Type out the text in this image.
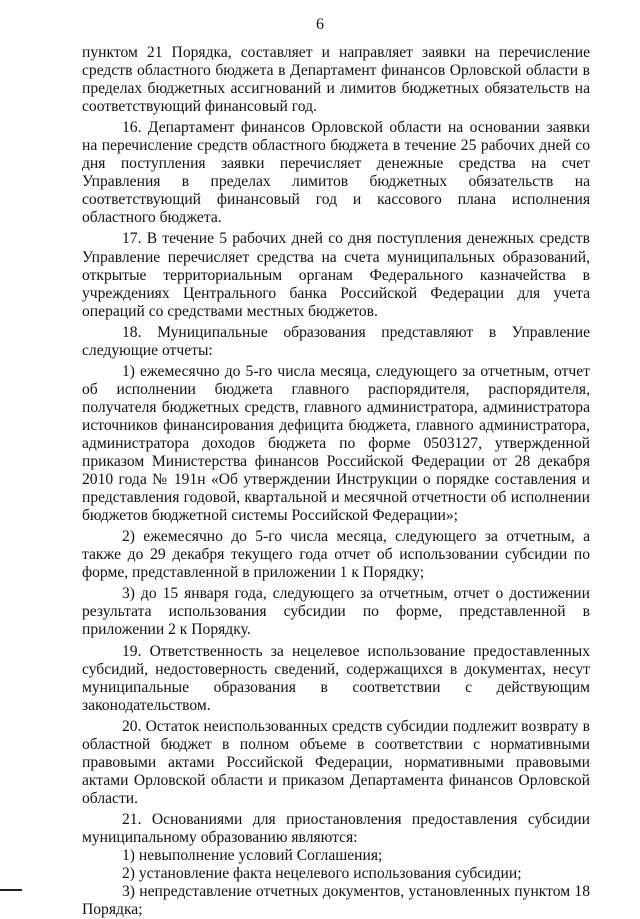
6

пунктом 21 Порядка, составляет и направляет заявки на перечисление средств областного бюджета в Департамент финансов Орловской области в пределах бюджетных ассигнований и лимитов бюджетных обязательств на соответствующий финансовый год.

16. Департамент финансов Орловской области на основании заявки на перечисление средств областного бюджета в течение 25 рабочих дней со дня поступления заявки перечисляет денежные средства на счет Управления в пределах лимитов бюджетных обязательств на соответствующий финансовый год и кассового плана исполнения областного бюджета.

17. В течение 5 рабочих дней со дня поступления денежных средств Управление перечисляет средства на счета муниципальных образований, открытые территориальным органам Федерального казначейства в учреждениях Центрального банка Российской Федерации для учета операций со средствами местных бюджетов.

18. Муниципальные образования представляют в Управление следующие отчеты:

1) ежемесячно до 5-го числа месяца, следующего за отчетным, отчет об исполнении бюджета главного распорядителя, распорядителя, получателя бюджетных средств, главного администратора, администратора источников финансирования дефицита бюджета, главного администратора, администратора доходов бюджета по форме 0503127, утвержденной приказом Министерства финансов Российской Федерации от 28 декабря 2010 года № 191н «Об утверждении Инструкции о порядке составления и представления годовой, квартальной и месячной отчетности об исполнении бюджетов бюджетной системы Российской Федерации»;

2) ежемесячно до 5-го числа месяца, следующего за отчетным, а также до 29 декабря текущего года отчет об использовании субсидии по форме, представленной в приложении 1 к Порядку;

3) до 15 января года, следующего за отчетным, отчет о достижении результата использования субсидии по форме, представленной в приложении 2 к Порядку.

19. Ответственность за нецелевое использование предоставленных субсидий, недостоверность сведений, содержащихся в документах, несут муниципальные образования в соответствии с действующим законодательством.

20. Остаток неиспользованных средств субсидии подлежит возврату в областной бюджет в полном объеме в соответствии с нормативными правовыми актами Российской Федерации, нормативными правовыми актами Орловской области и приказом Департамента финансов Орловской области.

21. Основаниями для приостановления предоставления субсидии муниципальному образованию являются:

1) невыполнение условий Соглашения;

2) установление факта нецелевого использования субсидии;

3) непредставление отчетных документов, установленных пунктом 18 Порядка;
